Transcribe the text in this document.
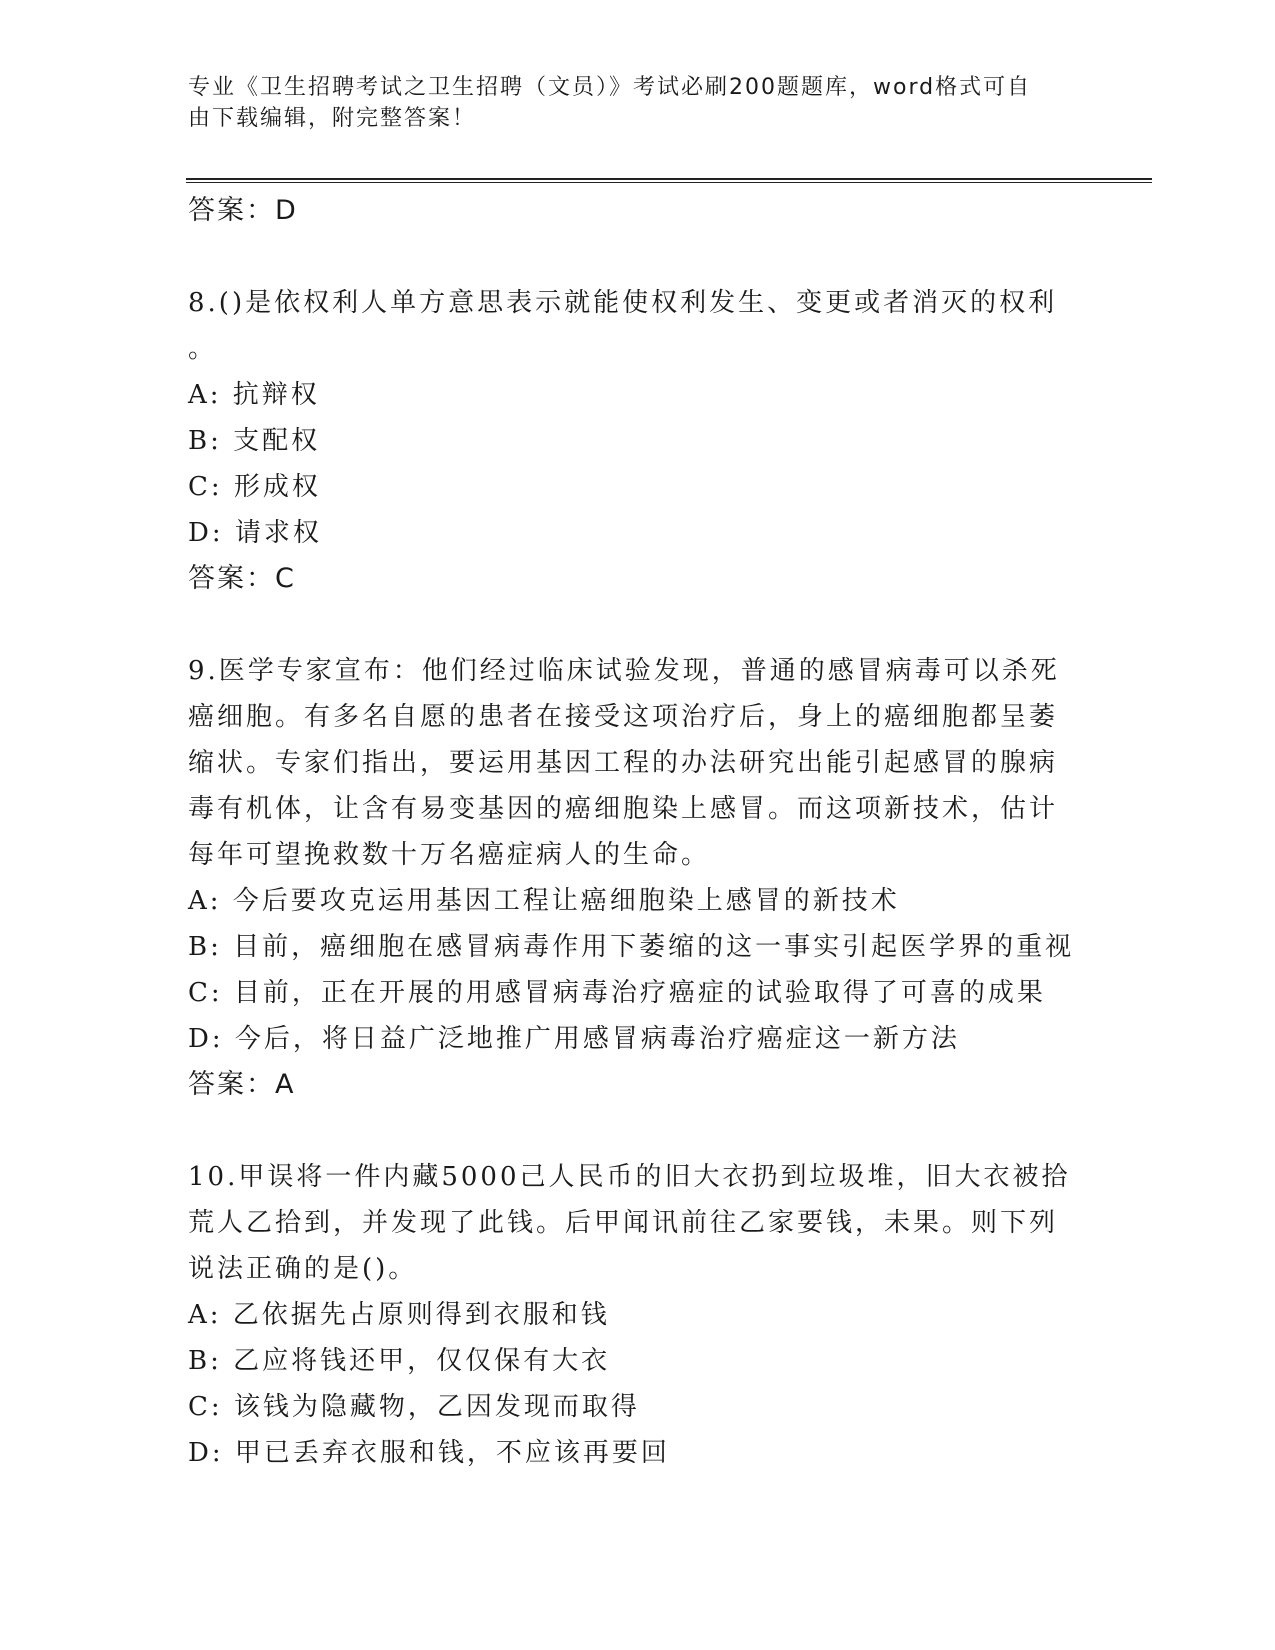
专业《卫生招聘考试之卫生招聘（文员）》考试必刷200题题库，word格式可自
由下载编辑，附完整答案！
答案：D
8.()是依权利人单方意思表示就能使权利发生、变更或者消灭的权利
。
A: 抗辩权
B: 支配权
C: 形成权
D: 请求权
答案：C
9.医学专家宣布：他们经过临床试验发现，普通的感冒病毒可以杀死
癌细胞。有多名自愿的患者在接受这项治疗后，身上的癌细胞都呈萎
缩状。专家们指出，要运用基因工程的办法研究出能引起感冒的腺病
毒有机体，让含有易变基因的癌细胞染上感冒。而这项新技术，估计
每年可望挽救数十万名癌症病人的生命。
A: 今后要攻克运用基因工程让癌细胞染上感冒的新技术
B: 目前，癌细胞在感冒病毒作用下萎缩的这一事实引起医学界的重视
C: 目前，正在开展的用感冒病毒治疗癌症的试验取得了可喜的成果
D: 今后，将日益广泛地推广用感冒病毒治疗癌症这一新方法
答案：A
10.甲误将一件内藏5000己人民币的旧大衣扔到垃圾堆，旧大衣被拾
荒人乙拾到，并发现了此钱。后甲闻讯前往乙家要钱，未果。则下列
说法正确的是()。
A: 乙依据先占原则得到衣服和钱
B: 乙应将钱还甲，仅仅保有大衣
C: 该钱为隐藏物，乙因发现而取得
D: 甲已丢弃衣服和钱，不应该再要回
